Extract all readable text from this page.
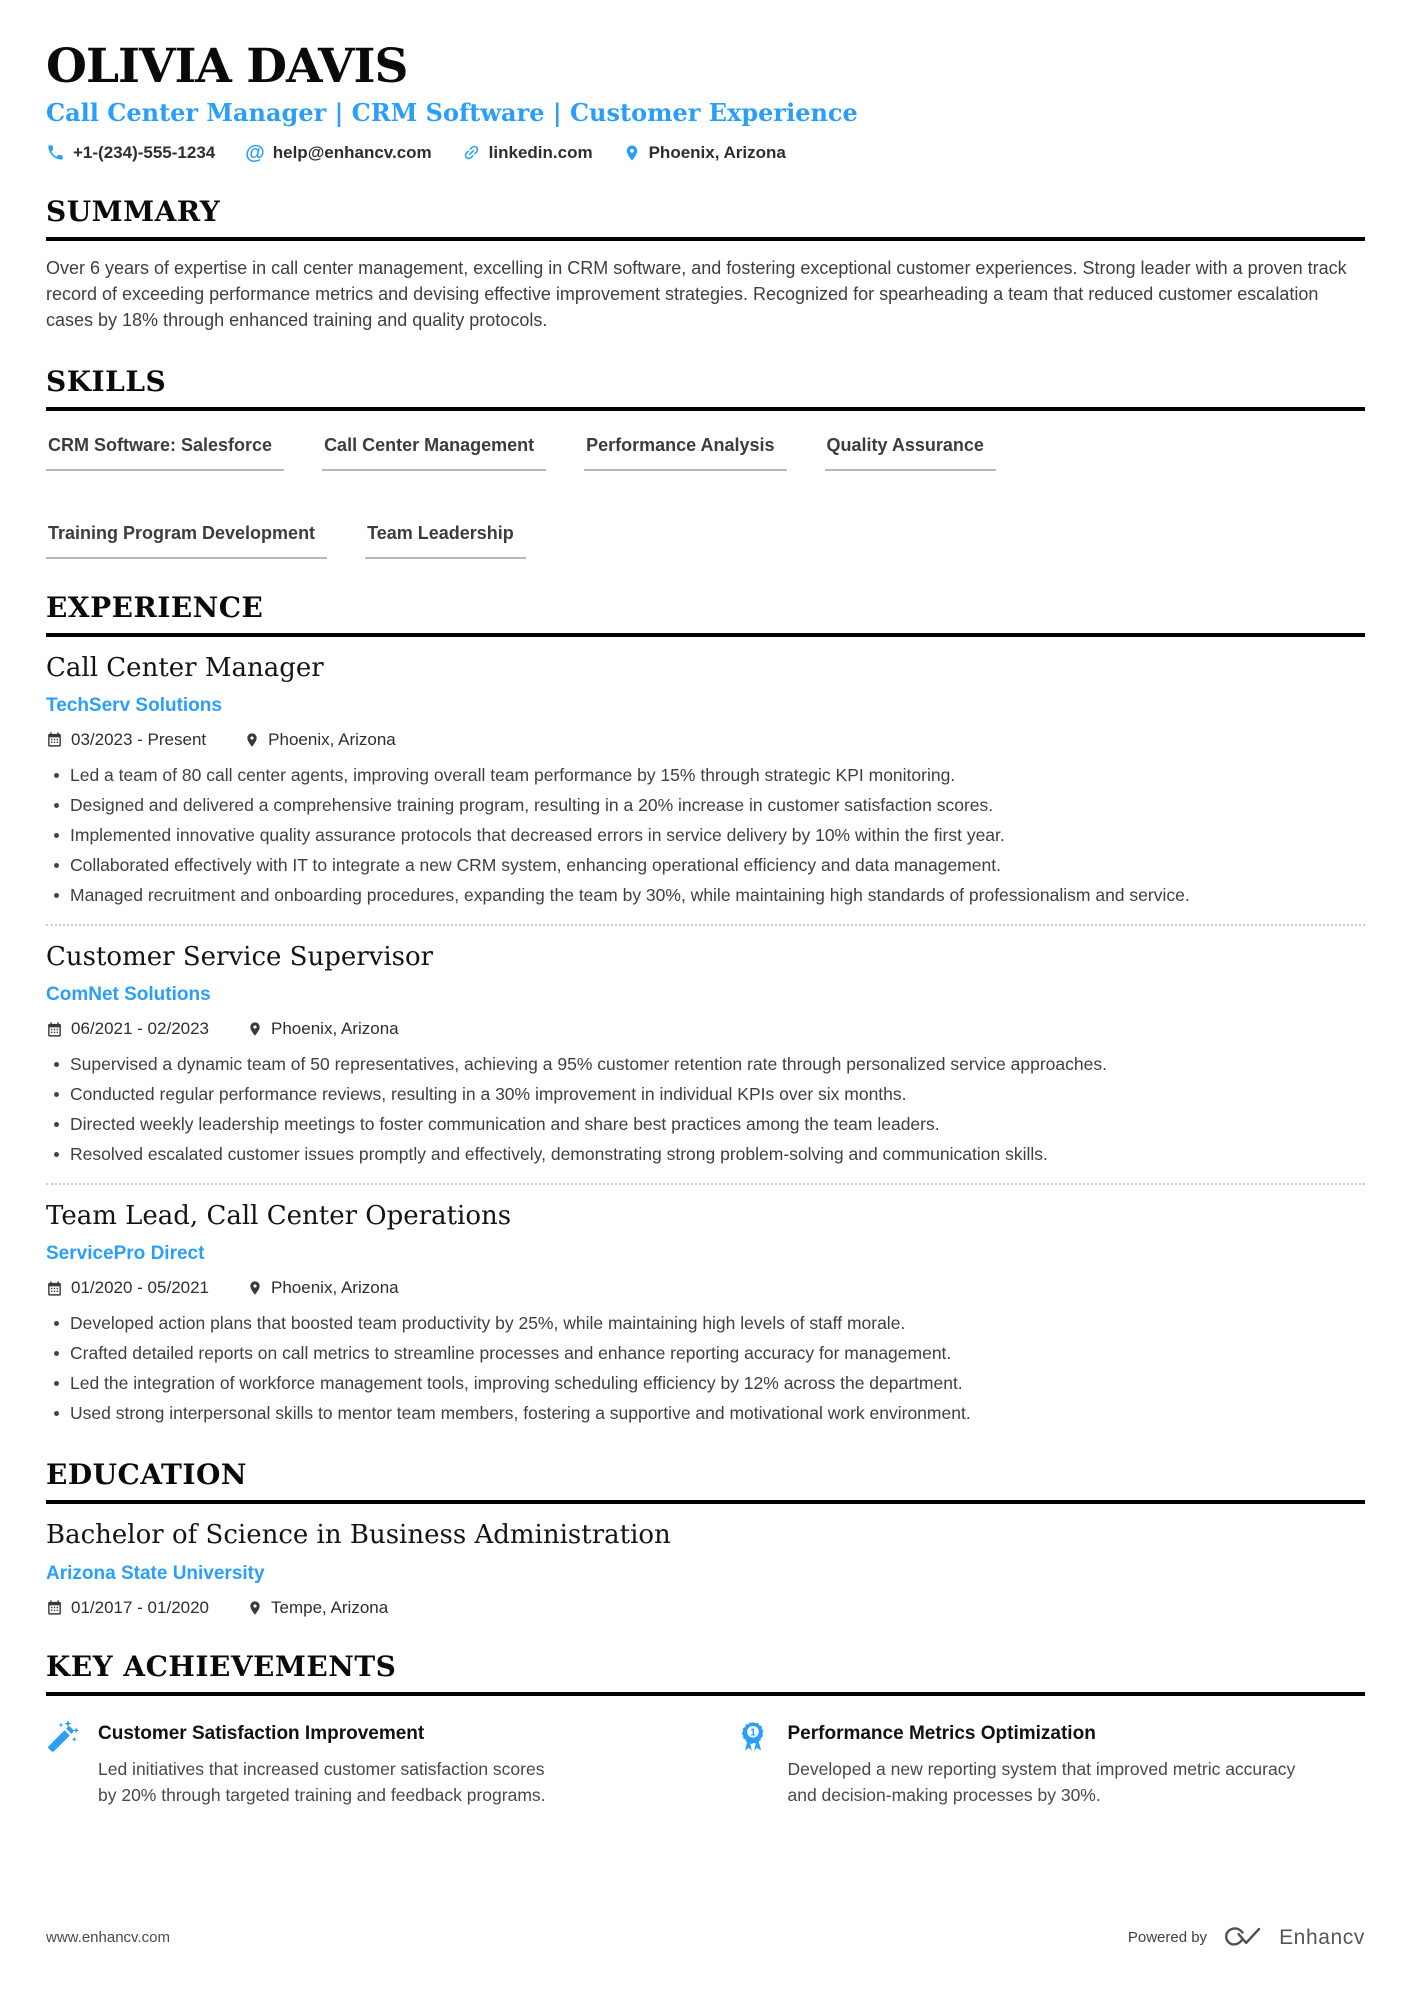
OLIVIA DAVIS
Call Center Manager | CRM Software | Customer Experience
+1-(234)-555-1234 @ help@enhancv.com	linkedin.com	Phoenix, Arizona
SUMMARY

Over 6 years of expertise in call center management, excelling in CRM software, and fostering exceptional customer experiences. Strong leader with a proven track record of exceeding performance metrics and devising effective improvement strategies. Recognized for spearheading a team that reduced customer escalation cases by 18% through enhanced training and quality protocols.

SKILLS
CRM Software: Salesforce	Call Center Management	Performance Analysis	Quality Assurance
Training Program Development	Team Leadership
EXPERIENCE
Call Center Manager
TechServ Solutions
03/2023 - Present	Phoenix, Arizona
Led a team of 80 call center agents, improving overall team performance by 15% through strategic KPI monitoring.
Designed and delivered a comprehensive training program, resulting in a 20% increase in customer satisfaction scores.
Implemented innovative quality assurance protocols that decreased errors in service delivery by 10% within the first year.
Collaborated effectively with IT to integrate a new CRM system, enhancing operational efficiency and data management.
Managed recruitment and onboarding procedures, expanding the team by 30%, while maintaining high standards of professionalism and service.
Customer Service Supervisor
ComNet Solutions
06/2021 - 02/2023	Phoenix, Arizona
Supervised a dynamic team of 50 representatives, achieving a 95% customer retention rate through personalized service approaches.
Conducted regular performance reviews, resulting in a 30% improvement in individual KPIs over six months.
Directed weekly leadership meetings to foster communication and share best practices among the team leaders.
Resolved escalated customer issues promptly and effectively, demonstrating strong problem-solving and communication skills.
Team Lead, Call Center Operations
ServicePro Direct
01/2020 - 05/2021	Phoenix, Arizona
Developed action plans that boosted team productivity by 25%, while maintaining high levels of staff morale.
Crafted detailed reports on call metrics to streamline processes and enhance reporting accuracy for management.
Led the integration of workforce management tools, improving scheduling efficiency by 12% across the department.
Used strong interpersonal skills to mentor team members, fostering a supportive and motivational work environment.
EDUCATION
Bachelor of Science in Business Administration
Arizona State University
01/2017 - 01/2020	Tempe, Arizona
KEY ACHIEVEMENTS
Customer Satisfaction Improvement

Led initiatives that increased customer satisfaction scores by 20% through targeted training and feedback programs.

1 Performance Metrics Optimization

Developed a new reporting system that improved metric accuracy and decision-making processes by 30%.

www.enhancv.com	Powered by	Enhancv
